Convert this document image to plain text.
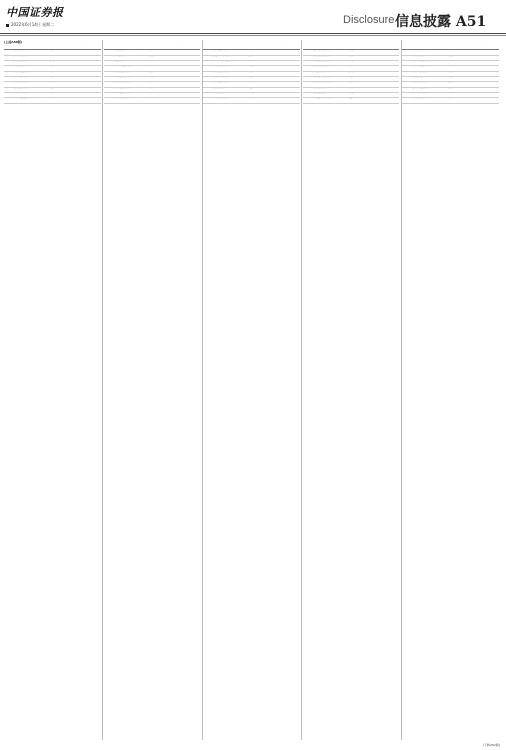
中国证券报
2022年6月14日 星期二	Disclosure 信息披露 A51
(上接A50版)
代码	名称	简称	日期	收益
000001	平安银行股份有限公司	平安银行	06-14	0.00
000002	万科企业股份有限公司	万科A	06-14	0.00
000004	国华网安科技股份有限公司	国华网安	06-14	0.00
000005	世纪星源股份有限公司	世纪星源	06-14	0.00
000006	深圳市振业集团股份有限公司	深振业A	06-14	0.00
000007	深圳市全新好股份有限公司	全新好	06-14	0.00
000008	神州高铁技术股份有限公司	神州高铁	06-14	0.00
000009	中国宝安集团股份有限公司	中国宝安	06-14	0.00
000010	深圳美丽生态股份有限公司	美丽生态	06-14	0.00
000011	深圳市物业发展集团股份有限公司	深物业A	06-14	0.00
代码	名称	简称	日期	收益
000012	中国南玻集团股份有限公司	南玻A	06-14	0.00
000014	沙河实业股份有限公司	沙河股份	06-14	0.00
000016	康佳集团股份有限公司	深康佳A	06-14	0.00
000017	深圳中华自行车集团股份有限公司	深中华A	06-14	0.00
000019	深圳市深粮控股股份有限公司	深粮控股	06-14	0.00
000020	深圳中恒华发股份有限公司	深华发A	06-14	0.00
000021	深圳长城开发科技股份有限公司	深科技	06-14	0.00
000023	深圳市天地集团股份有限公司	深天地A	06-14	0.00
000025	深圳市特力集团股份有限公司	特力A	06-14	0.00
000026	飞亚达精密科技股份有限公司	飞亚达	06-14	0.00
代码	名称	简称	日期	收益
000027	深圳能源集团股份有限公司	深圳能源	06-14	0.00
000028	国药集团一致药业股份有限公司	国药一致	06-14	0.00
000029	深圳经济特区房地产集团股份有限公司	深深房A	06-14	0.00
000030	富奥汽车零部件股份有限公司	富奥股份	06-14	0.00
000031	大悦城控股集团股份有限公司	大悦城	06-14	0.00
000032	深圳市桑达实业股份有限公司	深桑达A	06-14	0.00
000034	神州数码集团股份有限公司	神州数码	06-14	0.00
000035	中国天楹股份有限公司	中国天楹	06-14	0.00
000036	华联控股股份有限公司	华联控股	06-14	0.00
000037	深圳南山热电股份有限公司	深南电A	06-14	0.00
代码	名称	简称	日期	收益
000039	中国国际海运集装箱股份有限公司	中集集团	06-14	0.00
000040	东旭蓝天新能源股份有限公司	东旭蓝天	06-14	0.00
000042	深圳市中洲投资控股股份有限公司	中洲控股	06-14	0.00
000045	深圳市纺织(集团)股份有限公司	深纺织A	06-14	0.00
000046	泛海控股股份有限公司	泛海控股	06-14	0.00
000048	深圳市京基智农时代股份有限公司	京基智农	06-14	0.00
000049	深圳市德赛电池科技股份有限公司	德赛电池	06-14	0.00
000050	天马微电子股份有限公司	深天马A	06-14	0.00
000055	中国方大集团股份有限公司	方大集团	06-14	0.00
000056	深圳市皇庭国际企业股份有限公司	皇庭国际	06-14	0.00
代码	名称	简称	日期	收益
000058	深圳赛格股份有限公司	深赛格	06-14	0.00
000059	华锦化工股份有限公司	华锦股份	06-14	0.00
000060	深圳市中金岭南有色金属股份有限公司	中金岭南	06-14	0.00
000061	深圳市农产品集团股份有限公司	农产品	06-14	0.00
000062	深圳华强实业股份有限公司	深圳华强	06-14	0.00
000063	中兴通讯股份有限公司	中兴通讯	06-14	0.00
000065	北方国际合作股份有限公司	北方国际	06-14	0.00
000066	中国长城科技集团股份有限公司	中国长城	06-14	0.00
000068	深圳华控赛格股份有限公司	华控赛格	06-14	0.00
000069	深圳华侨城股份有限公司	华侨城A	06-14	0.00
(下转A52版)
